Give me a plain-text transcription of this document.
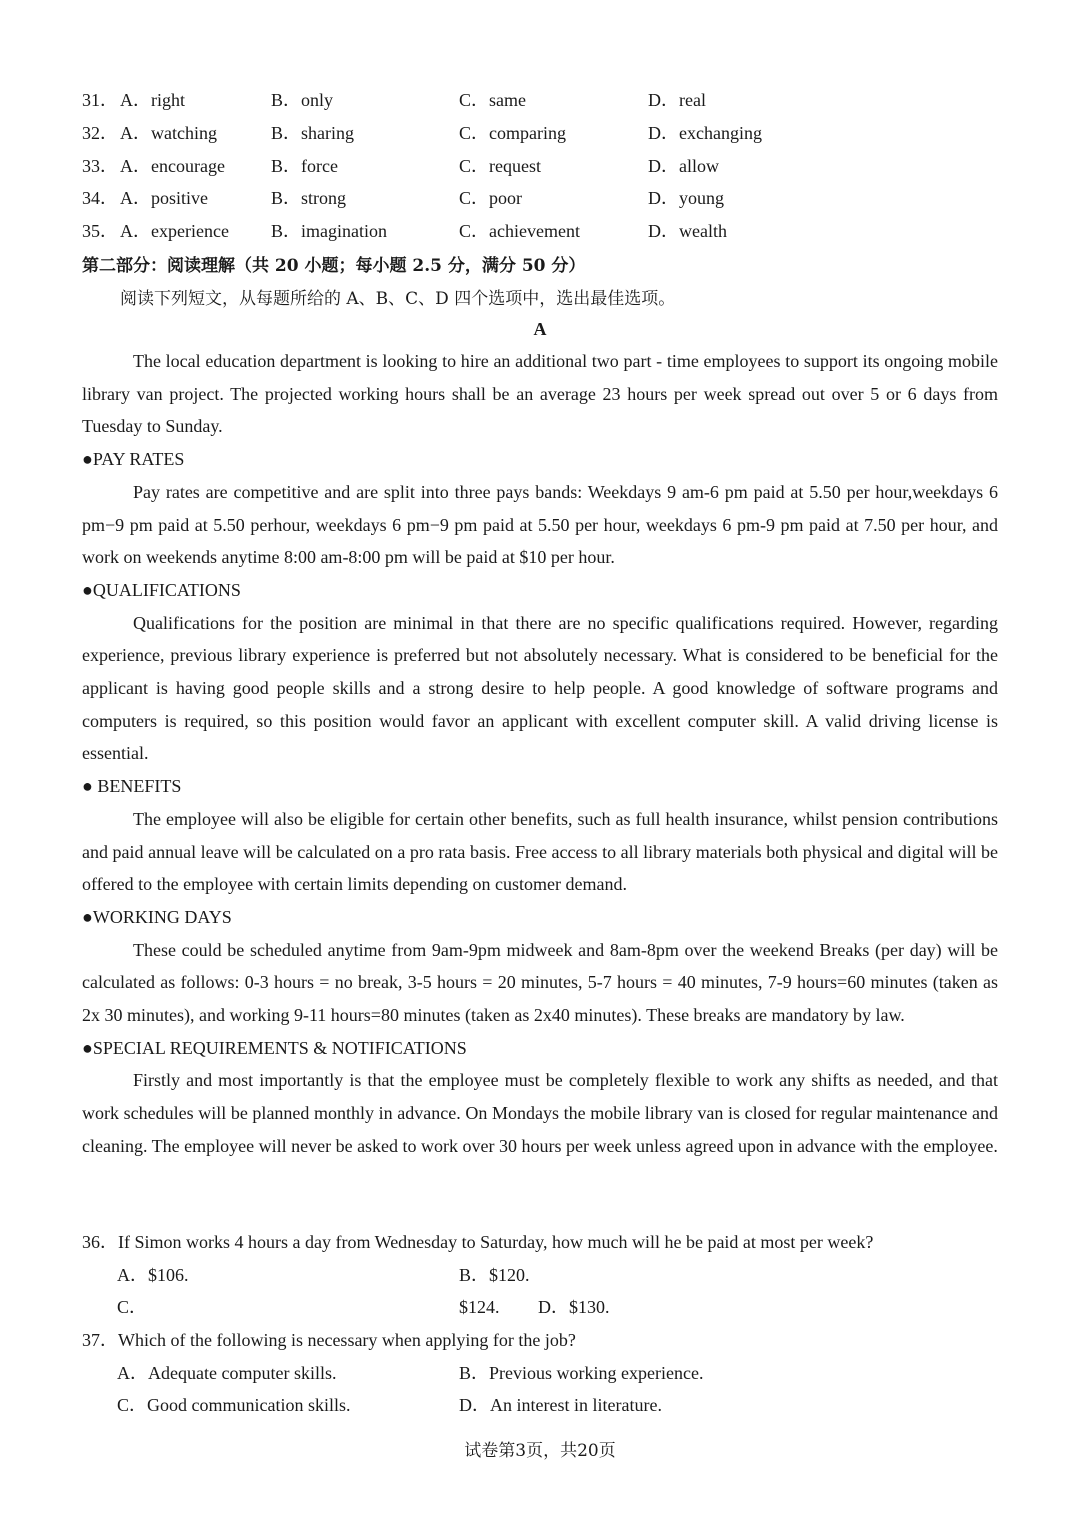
31． A．right	B．only	C．same	D．real
32． A．watching	B．sharing	C．comparing	D．exchanging
33． A．encourage	B．force	C．request	D．allow
34． A．positive	B．strong	C．poor	D．young
35． A．experience B．imagination	C．achievement	D．wealth
第二部分：阅读理解（共 20 小题；每小题 2.5 分，满分 50 分）
阅读下列短文，从每题所给的 A、B、C、D 四个选项中，选出最佳选项。
A

The local education department is looking to hire an additional two part - time employees to support its ongoing mobile library van project. The projected working hours shall be an average 23 hours per week spread out over 5 or 6 days from Tuesday to Sunday.

●PAY RATES

Pay rates are competitive and are split into three pays bands: Weekdays 9 am-6 pm paid at 5.50 per hour,weekdays 6 pm−9 pm paid at 5.50 perhour, weekdays 6 pm−9 pm paid at 5.50 per hour, weekdays 6 pm-9 pm paid at 7.50 per hour, and work on weekends anytime 8:00 am-8:00 pm will be paid at $10 per hour.

●QUALIFICATIONS

Qualifications for the position are minimal in that there are no specific qualifications required. However, regarding experience, previous library experience is preferred but not absolutely necessary. What is considered to be beneficial for the applicant is having good people skills and a strong desire to help people. A good knowledge of software programs and computers is required, so this position would favor an applicant with excellent computer skill. A valid driving license is essential.

● BENEFITS

The employee will also be eligible for certain other benefits, such as full health insurance, whilst pension contributions and paid annual leave will be calculated on a pro rata basis. Free access to all library materials both physical and digital will be offered to the employee with certain limits depending on customer demand.

●WORKING DAYS

These could be scheduled anytime from 9am-9pm midweek and 8am-8pm over the weekend Breaks (per day) will be calculated as follows: 0-3 hours = no break, 3-5 hours = 20 minutes, 5-7 hours = 40 minutes, 7-9 hours=60 minutes (taken as 2x 30 minutes), and working 9-11 hours=80 minutes (taken as 2x40 minutes). These breaks are mandatory by law.

●SPECIAL REQUIREMENTS & NOTIFICATIONS

Firstly and most importantly is that the employee must be completely flexible to work any shifts as needed, and that work schedules will be planned monthly in advance. On Mondays the mobile library van is closed for regular maintenance and cleaning. The employee will never be asked to work over 30 hours per week unless agreed upon in advance with the employee.

36．If Simon works 4 hours a day from Wednesday to Saturday, how much will he be paid at most per week?
A．$106.	B．$120.
C．	$124. D．$130.
37．Which of the following is necessary when applying for the job?
A．Adequate computer skills.	B．Previous working experience.
C．Good communication skills.	D．An interest in literature.
试卷第3页，共20页
